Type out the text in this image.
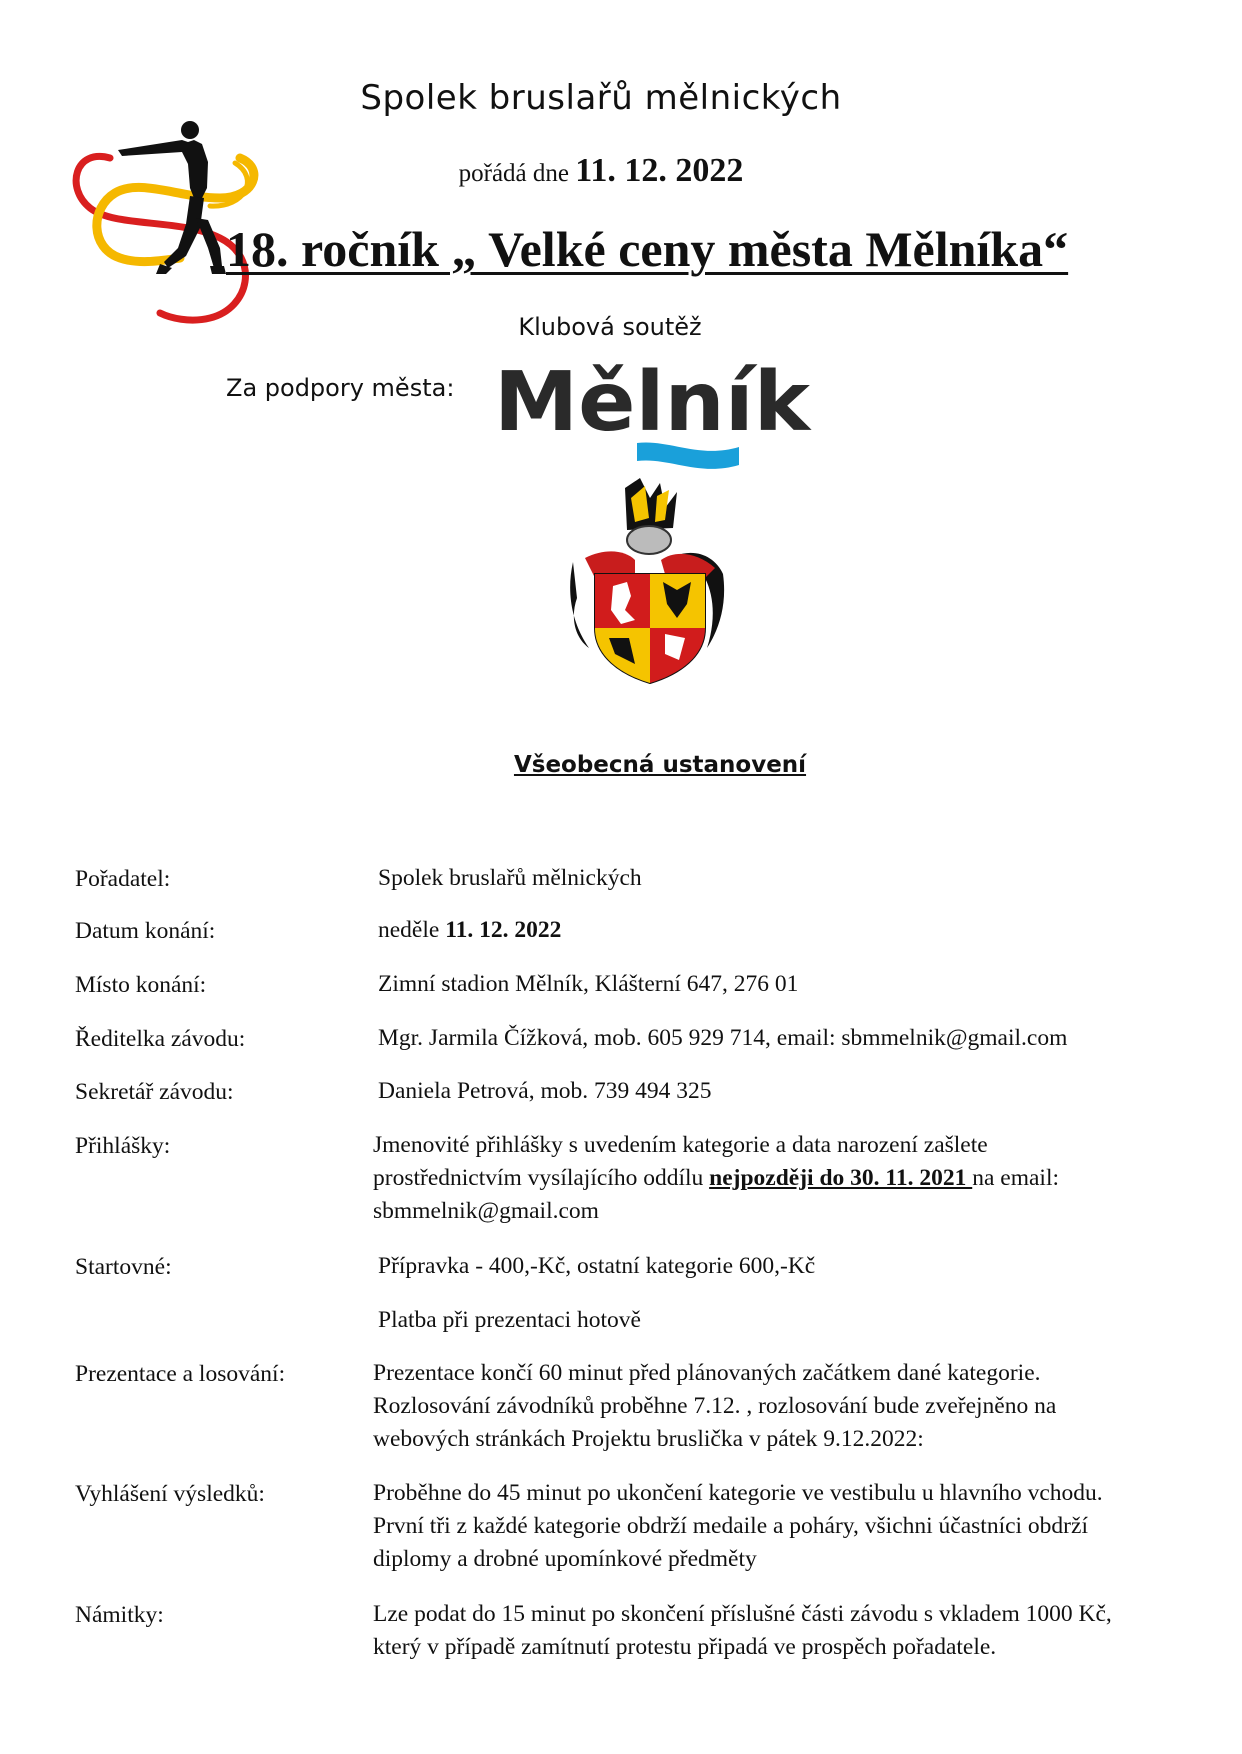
Spolek bruslařů mělnických
pořádá dne 11. 12. 2022
18. ročník „ Velké ceny města Mělníka“
Klubová soutěž
Za podpory města: Mělník
Všeobecná ustanovení
Pořadatel:	Spolek bruslařů mělnických
Datum konání:	neděle 11. 12. 2022
Místo konání:	Zimní stadion Mělník, Klášterní 647, 276 01
Ředitelka závodu:	Mgr. Jarmila Čížková, mob. 605 929 714, email: sbmmelnik@gmail.com
Sekretář závodu:	Daniela Petrová, mob. 739 494 325
Přihlášky:	Jmenovité přihlášky s uvedením kategorie a data narození zašlete
prostřednictvím vysílajícího oddílu nejpozději do 30. 11. 2021 na email:
sbmmelnik@gmail.com
Startovné:	Přípravka - 400,-Kč, ostatní kategorie 600,-Kč
Platba při prezentaci hotově
Prezentace a losování:	Prezentace končí 60 minut před plánovaných začátkem dané kategorie.
Rozlosování závodníků proběhne 7.12. , rozlosování bude zveřejněno na
webových stránkách Projektu bruslička v pátek 9.12.2022:
Vyhlášení výsledků:	Proběhne do 45 minut po ukončení kategorie ve vestibulu u hlavního vchodu.
První tři z každé kategorie obdrží medaile a poháry, všichni účastníci obdrží
diplomy a drobné upomínkové předměty
Námitky:	Lze podat do 15 minut po skončení příslušné části závodu s vkladem 1000 Kč,
který v případě zamítnutí protestu připadá ve prospěch pořadatele.
